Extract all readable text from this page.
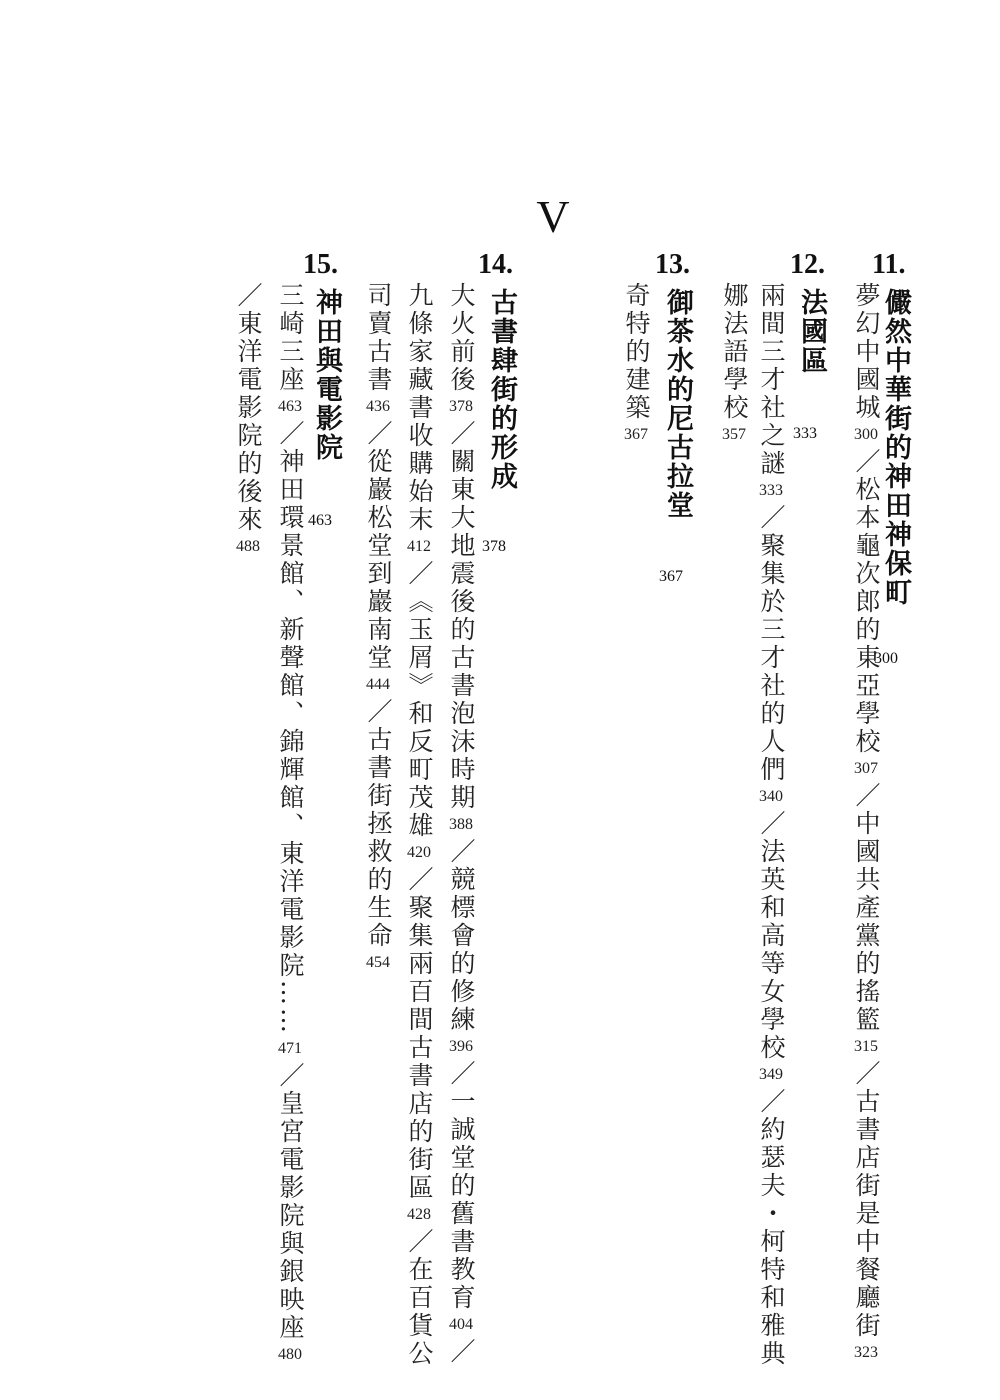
V
11.
儼然中華街的神田神保町
300
夢幻中國城300／松本龜次郎的東亞學校307／中國共產黨的搖籃315／古書店街是中餐廳街323
12.
法國區
333
兩間三才社之謎333／聚集於三才社的人們340／法英和高等女學校349／約瑟夫・柯特和雅典
娜法語學校357
13.
御茶水的尼古拉堂
367
奇特的建築367
14.
古書肆街的形成
378
大火前後378／關東大地震後的古書泡沫時期388／競標會的修練396／一誠堂的舊書教育404／
九條家藏書收購始末412／《玉屑》和反町茂雄420／聚集兩百間古書店的街區428／在百貨公
司賣古書436／從巖松堂到巖南堂444／古書街拯救的生命454
15.
神田與電影院
463
三崎三座463／神田環景館、新聲館、錦輝館、東洋電影院……471／皇宮電影院與銀映座480
／東洋電影院的後來488
